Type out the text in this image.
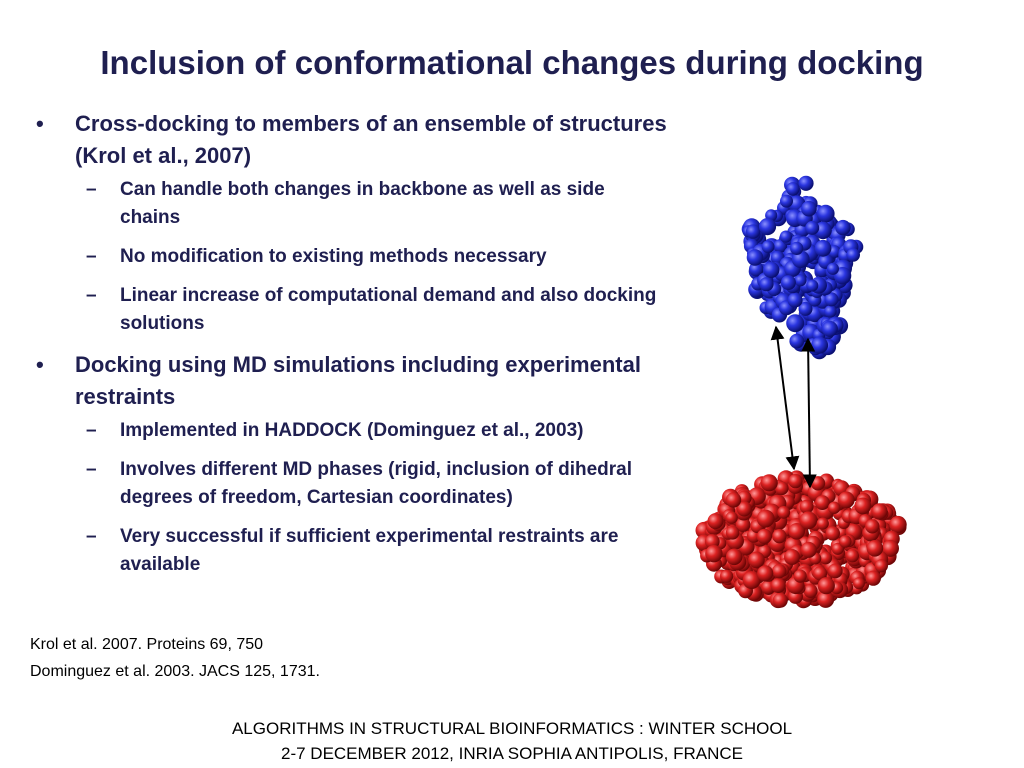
Inclusion of conformational changes during docking
• Cross-docking to members of an ensemble of structures (Krol et al., 2007)
– Can handle both changes in backbone as well as side chains
– No modification to existing methods necessary
– Linear increase of computational demand and also docking solutions
• Docking using MD simulations including experimental restraints
– Implemented in HADDOCK (Dominguez et al., 2003)
– Involves different MD phases (rigid, inclusion of dihedral degrees of freedom, Cartesian coordinates)
– Very successful if sufficient experimental restraints are available
Krol et al. 2007. Proteins 69, 750
Dominguez et al. 2003. JACS 125, 1731.
ALGORITHMS IN STRUCTURAL BIOINFORMATICS : WINTER SCHOOL
2-7 DECEMBER 2012, INRIA SOPHIA ANTIPOLIS, FRANCE
